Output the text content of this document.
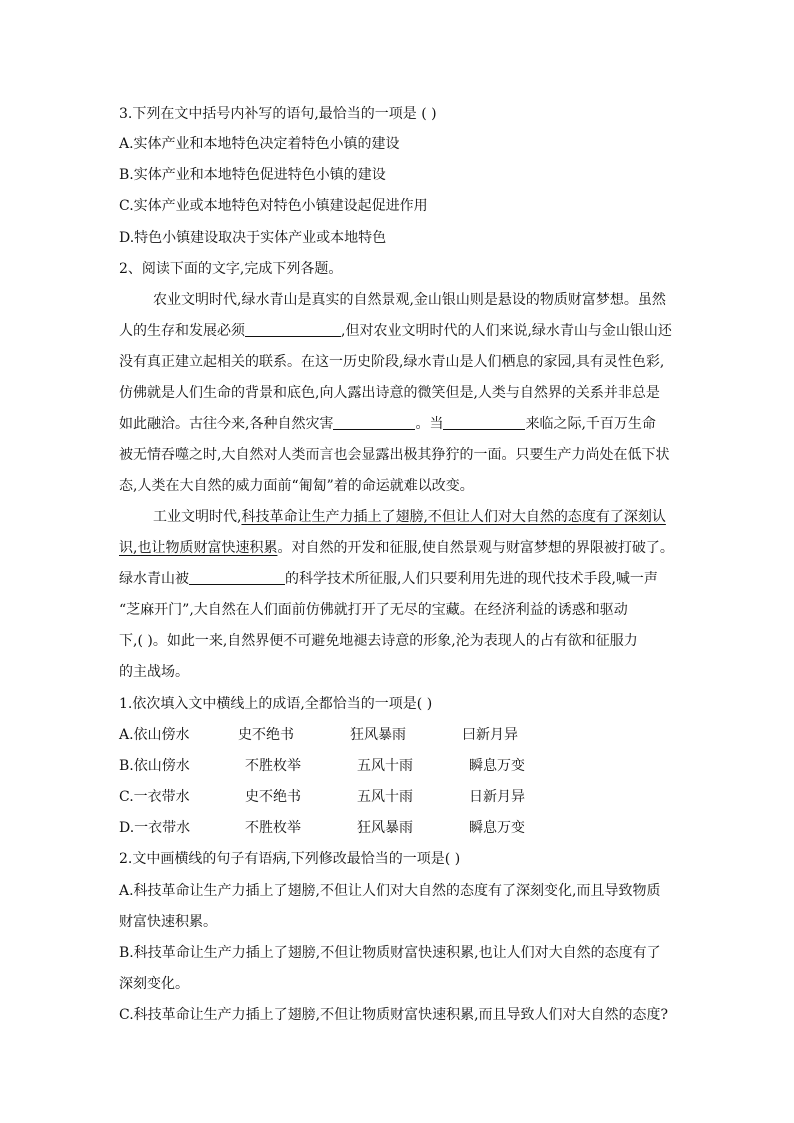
3.下列在文中括号内补写的语句,最恰当的一项是 ( )

A.实体产业和本地特色决定着特色小镇的建设

B.实体产业和本地特色促进特色小镇的建设

C.实体产业或本地特色对特色小镇建设起促进作用

D.特色小镇建设取决于实体产业或本地特色

2、阅读下面的文字,完成下列各题。

农业文明时代,绿水青山是真实的自然景观,金山银山则是悬设的物质财富梦想。虽然

人的生存和发展必须	,但对农业文明时代的人们来说,绿水青山与金山银山还

没有真正建立起相关的联系。在这一历史阶段,绿水青山是人们栖息的家园,具有灵性色彩,

仿佛就是人们生命的背景和底色,向人露出诗意的微笑但是,人类与自然界的关系并非总是

如此融洽。古往今来,各种自然灾害	。当	来临之际,千百万生命

被无情吞噬之时,大自然对人类而言也会显露出极其狰狞的一面。只要生产力尚处在低下状

态,人类在大自然的威力面前“匍匐”着的命运就难以改变。

工业文明时代,科技革命让生产力插上了翅膀,不但让人们对大自然的态度有了深刻认

识,也让物质财富快速积累。对自然的开发和征服,使自然景观与财富梦想的界限被打破了。

绿水青山被	的科学技术所征服,人们只要利用先进的现代技术手段,喊一声

“芝麻开门”,大自然在人们面前仿佛就打开了无尽的宝藏。在经济利益的诱惑和驱动

下,( )。如此一来,自然界便不可避免地褪去诗意的形象,沦为表现人的占有欲和征服力

的主战场。

1.依次填入文中横线上的成语,全都恰当的一项是( )

A.依山傍水	史不绝书	狂风暴雨	曰新月异

B.依山傍水	不胜枚举	五风十雨	瞬息万变

C.一衣带水	史不绝书	五风十雨	日新月异

D.一衣带水	不胜枚举	狂风暴雨	瞬息万变

2.文中画横线的句子有语病,下列修改最恰当的一项是( )

A.科技革命让生产力插上了翅膀,不但让人们对大自然的态度有了深刻变化,而且导致物质

财富快速积累。

B.科技革命让生产力插上了翅膀,不但让物质财富快速积累,也让人们对大自然的态度有了

深刻变化。

C.科技革命让生产力插上了翅膀,不但让物质财富快速积累,而且导致人们对大自然的态度?
